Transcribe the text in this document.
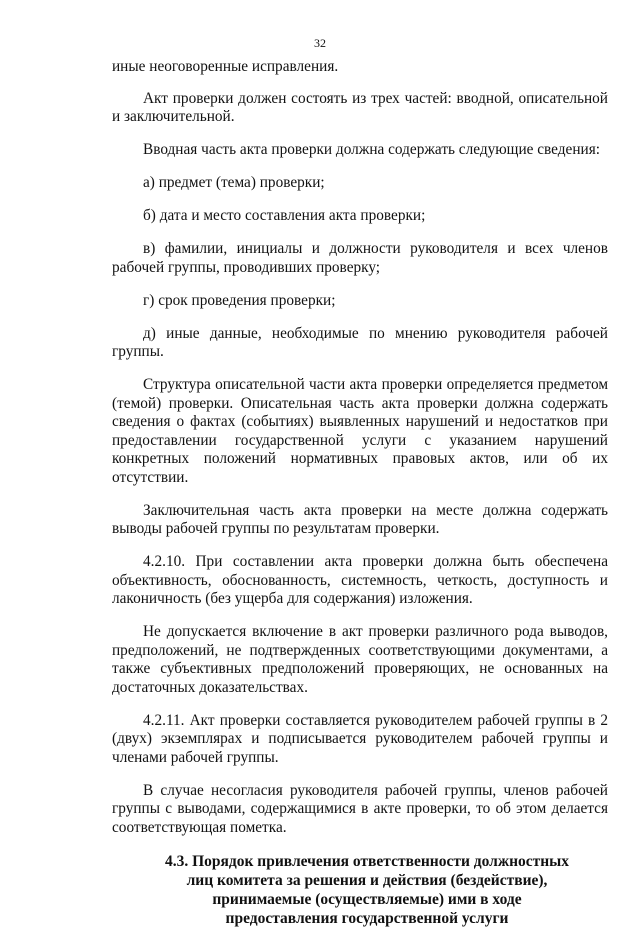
32

иные неоговоренные исправления.

Акт проверки должен состоять из трех частей: вводной, описательной и заключительной.

Вводная часть акта проверки должна содержать следующие сведения:

а) предмет (тема) проверки;

б) дата и место составления акта проверки;

в) фамилии, инициалы и должности руководителя и всех членов рабочей группы, проводивших проверку;

г) срок проведения проверки;

д) иные данные, необходимые по мнению руководителя рабочей группы.

Структура описательной части акта проверки определяется предметом (темой) проверки. Описательная часть акта проверки должна содержать сведения о фактах (событиях) выявленных нарушений и недостатков при предоставлении государственной услуги с указанием нарушений конкретных положений нормативных правовых актов, или об их отсутствии.

Заключительная часть акта проверки на месте должна содержать выводы рабочей группы по результатам проверки.

4.2.10. При составлении акта проверки должна быть обеспечена объективность, обоснованность, системность, четкость, доступность и лаконичность (без ущерба для содержания) изложения.

Не допускается включение в акт проверки различного рода выводов, предположений, не подтвержденных соответствующими документами, а также субъективных предположений проверяющих, не основанных на достаточных доказательствах.

4.2.11. Акт проверки составляется руководителем рабочей группы в 2 (двух) экземплярах и подписывается руководителем рабочей группы и членами рабочей группы.

В случае несогласия руководителя рабочей группы, членов рабочей группы с выводами, содержащимися в акте проверки, то об этом делается соответствующая пометка.

4.3. Порядок привлечения ответственности должностных
лиц комитета за решения и действия (бездействие),
принимаемые (осуществляемые) ими в ходе
предоставления государственной услуги
